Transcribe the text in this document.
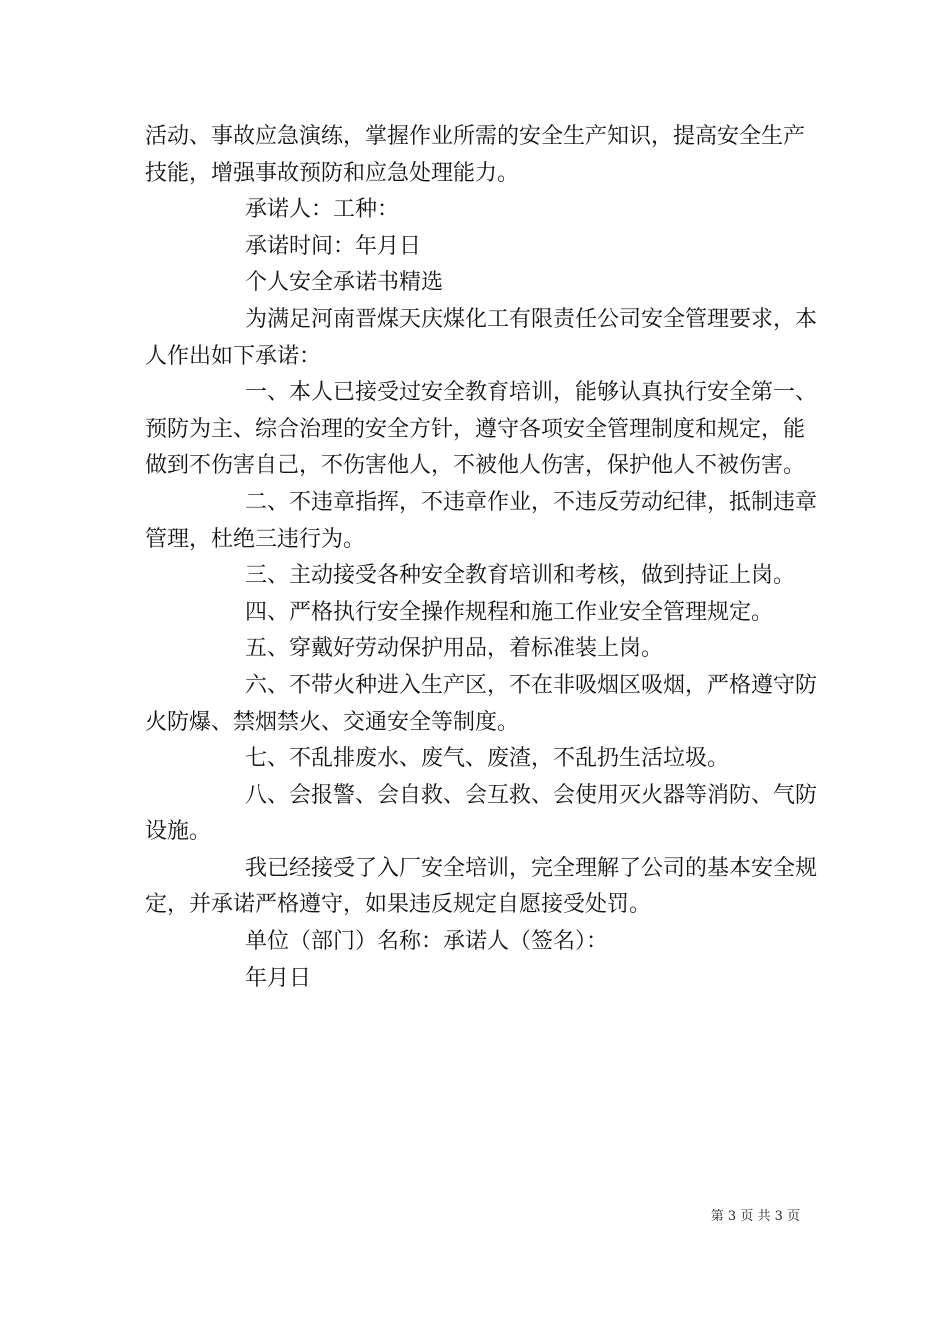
活动、事故应急演练，掌握作业所需的安全生产知识，提高安全生产技能，增强事故预防和应急处理能力。

承诺人：工种：

承诺时间：年月日

个人安全承诺书精选

为满足河南晋煤天庆煤化工有限责任公司安全管理要求，本人作出如下承诺：

一、本人已接受过安全教育培训，能够认真执行安全第一、预防为主、综合治理的安全方针，遵守各项安全管理制度和规定，能做到不伤害自己，不伤害他人，不被他人伤害，保护他人不被伤害。

二、不违章指挥，不违章作业，不违反劳动纪律，抵制违章管理，杜绝三违行为。

三、主动接受各种安全教育培训和考核，做到持证上岗。

四、严格执行安全操作规程和施工作业安全管理规定。

五、穿戴好劳动保护用品，着标准装上岗。

六、不带火种进入生产区，不在非吸烟区吸烟，严格遵守防火防爆、禁烟禁火、交通安全等制度。

七、不乱排废水、废气、废渣，不乱扔生活垃圾。

八、会报警、会自救、会互救、会使用灭火器等消防、气防设施。

我已经接受了入厂安全培训，完全理解了公司的基本安全规定，并承诺严格遵守，如果违反规定自愿接受处罚。

单位（部门）名称：承诺人（签名）：

年月日

第 3 页 共 3 页
